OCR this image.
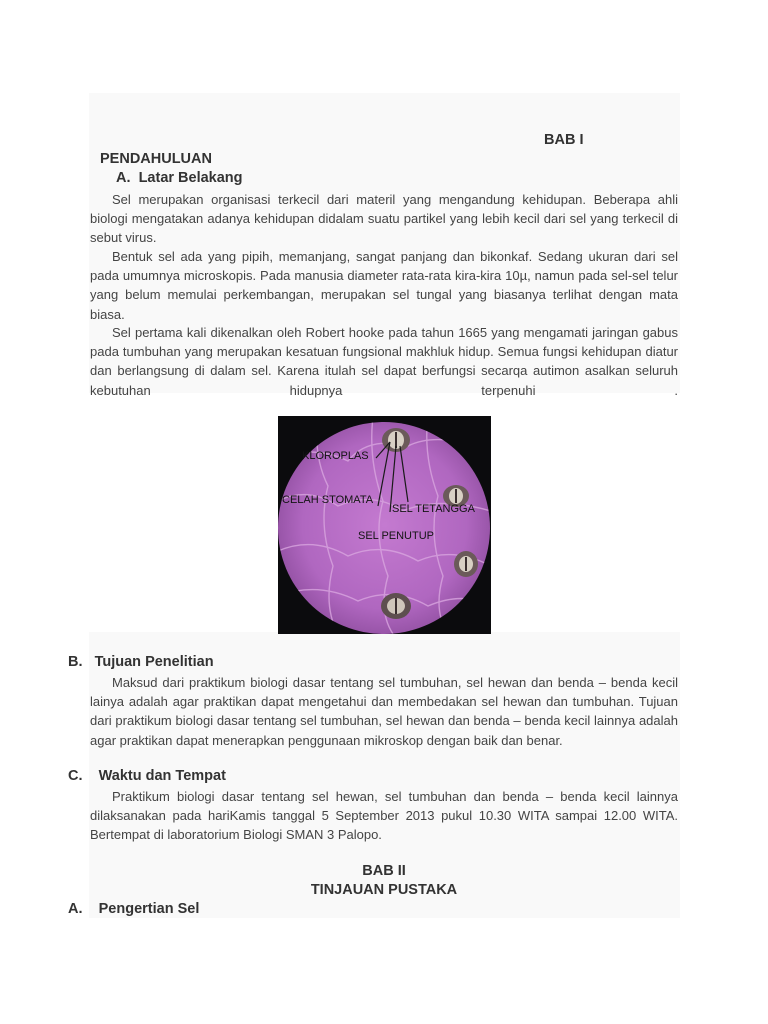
BAB I
PENDAHULUAN
A. Latar Belakang
Sel merupakan organisasi terkecil dari materil yang mengandung kehidupan. Beberapa ahli biologi mengatakan adanya kehidupan didalam suatu partikel yang lebih kecil dari sel yang terkecil di sebut virus.
Bentuk sel ada yang pipih, memanjang, sangat panjang dan bikonkaf. Sedang ukuran dari sel pada umumnya microskopis. Pada manusia diameter rata-rata kira-kira 10µ, namun pada sel-sel telur yang belum memulai perkembangan, merupakan sel tungal yang biasanya terlihat dengan mata biasa.
Sel pertama kali dikenalkan oleh Robert hooke pada tahun 1665 yang mengamati jaringan gabus pada tumbuhan yang merupakan kesatuan fungsional makhluk hidup. Semua fungsi kehidupan diatur dan berlangsung di dalam sel. Karena itulah sel dapat berfungsi secarqa autimon asalkan seluruh kebutuhan hidupnya terpenuhi .
KLOROPLAS
CELAH STOMATA
SEL TETANGGA
SEL PENUTUP
B. Tujuan Penelitian
Maksud dari praktikum biologi dasar tentang sel tumbuhan, sel hewan dan benda – benda kecil lainya adalah agar praktikan dapat mengetahui dan membedakan sel hewan dan tumbuhan. Tujuan dari praktikum biologi dasar tentang sel tumbuhan, sel hewan dan benda – benda kecil lainnya adalah agar praktikan dapat menerapkan penggunaan mikroskop dengan baik dan benar.
C. Waktu dan Tempat
Praktikum biologi dasar tentang sel hewan, sel tumbuhan dan benda – benda kecil lainnya dilaksanakan pada hariKamis tanggal 5 September 2013 pukul 10.30 WITA sampai 12.00 WITA. Bertempat di laboratorium Biologi SMAN 3 Palopo.
BAB II
TINJAUAN PUSTAKA
A. Pengertian Sel
